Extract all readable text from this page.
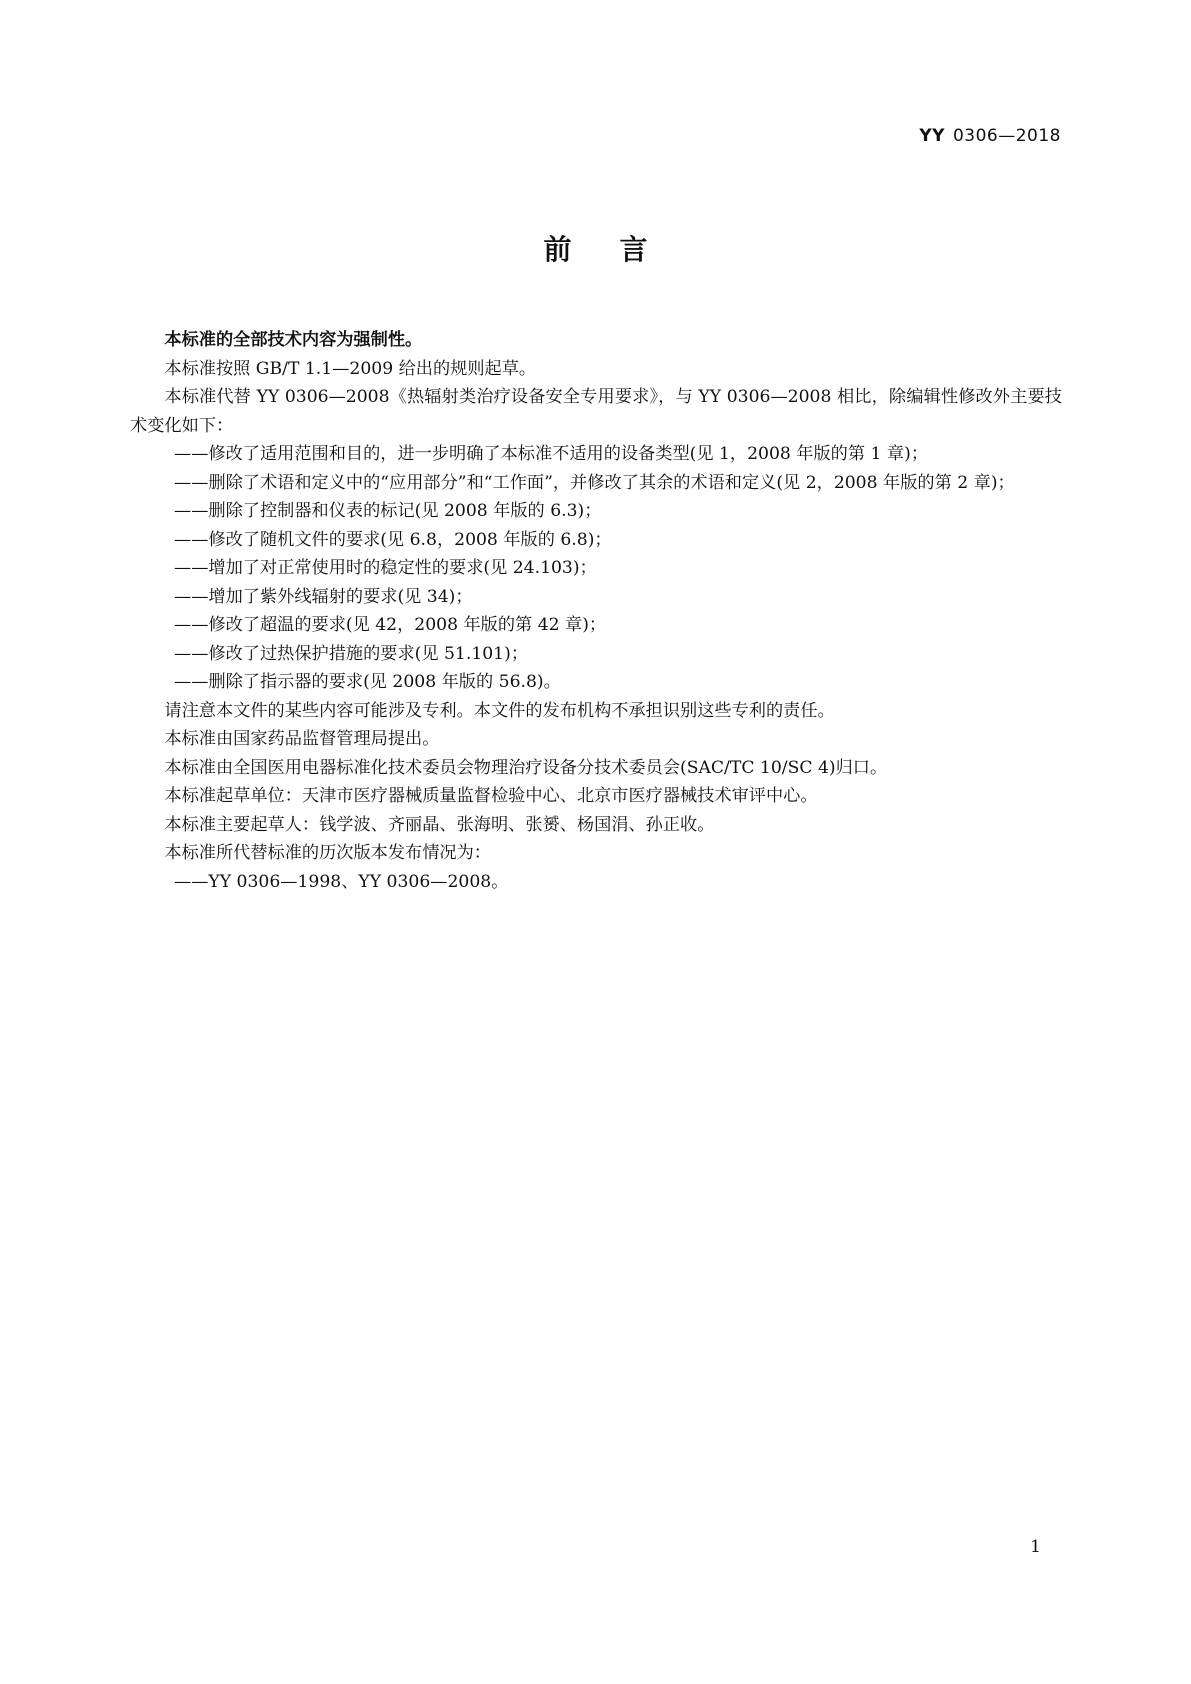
YY 0306—2018
前言

本标准的全部技术内容为强制性。

本标准按照 GB/T 1.1—2009 给出的规则起草。

本标准代替 YY 0306—2008《热辐射类治疗设备安全专用要求》，与 YY 0306—2008 相比，除编辑性修改外主要技术变化如下：

——修改了适用范围和目的，进一步明确了本标准不适用的设备类型(见 1，2008 年版的第 1 章)；

——删除了术语和定义中的“应用部分”和“工作面”，并修改了其余的术语和定义(见 2，2008 年版的第 2 章)；

——删除了控制器和仪表的标记(见 2008 年版的 6.3)；

——修改了随机文件的要求(见 6.8，2008 年版的 6.8)；

——增加了对正常使用时的稳定性的要求(见 24.103)；

——增加了紫外线辐射的要求(见 34)；

——修改了超温的要求(见 42，2008 年版的第 42 章)；

——修改了过热保护措施的要求(见 51.101)；

——删除了指示器的要求(见 2008 年版的 56.8)。

请注意本文件的某些内容可能涉及专利。本文件的发布机构不承担识别这些专利的责任。

本标准由国家药品监督管理局提出。

本标准由全国医用电器标准化技术委员会物理治疗设备分技术委员会(SAC/TC 10/SC 4)归口。

本标准起草单位：天津市医疗器械质量监督检验中心、北京市医疗器械技术审评中心。

本标准主要起草人：钱学波、齐丽晶、张海明、张赟、杨国涓、孙正收。

本标准所代替标准的历次版本发布情况为：

——YY 0306—1998、YY 0306—2008。

1
